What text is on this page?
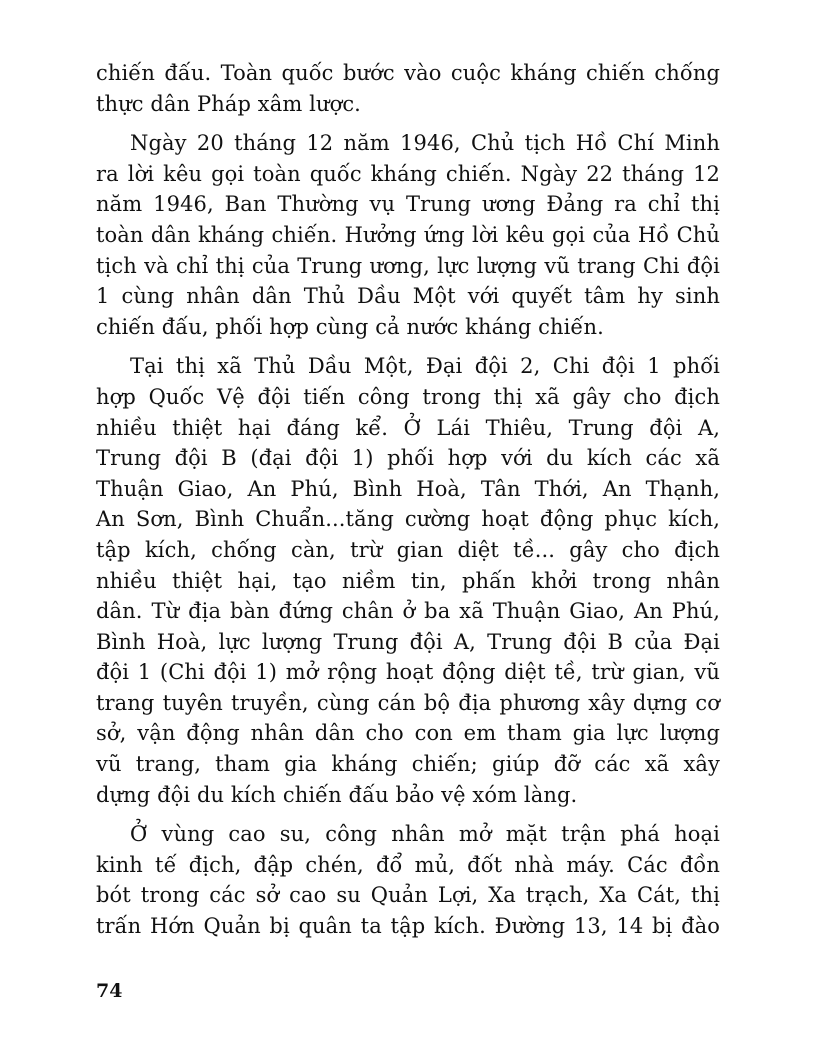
chiến đấu. Toàn quốc bước vào cuộc kháng chiến chống
thực dân Pháp xâm lược.
Ngày 20 tháng 12 năm 1946, Chủ tịch Hồ Chí Minh
ra lời kêu gọi toàn quốc kháng chiến. Ngày 22 tháng 12
năm 1946, Ban Thường vụ Trung ương Đảng ra chỉ thị
toàn dân kháng chiến. Hưởng ứng lời kêu gọi của Hồ Chủ
tịch và chỉ thị của Trung ương, lực lượng vũ trang Chi đội
1 cùng nhân dân Thủ Dầu Một với quyết tâm hy sinh
chiến đấu, phối hợp cùng cả nước kháng chiến.
Tại thị xã Thủ Dầu Một, Đại đội 2, Chi đội 1 phối
hợp Quốc Vệ đội tiến công trong thị xã gây cho địch
nhiều thiệt hại đáng kể. Ở Lái Thiêu, Trung đội A,
Trung đội B (đại đội 1) phối hợp với du kích các xã
Thuận Giao, An Phú, Bình Hoà, Tân Thới, An Thạnh,
An Sơn, Bình Chuẩn...tăng cường hoạt động phục kích,
tập kích, chống càn, trừ gian diệt tề... gây cho địch
nhiều thiệt hại, tạo niềm tin, phấn khởi trong nhân
dân. Từ địa bàn đứng chân ở ba xã Thuận Giao, An Phú,
Bình Hoà, lực lượng Trung đội A, Trung đội B của Đại
đội 1 (Chi đội 1) mở rộng hoạt động diệt tề, trừ gian, vũ
trang tuyên truyền, cùng cán bộ địa phương xây dựng cơ
sở, vận động nhân dân cho con em tham gia lực lượng
vũ trang, tham gia kháng chiến; giúp đỡ các xã xây
dựng đội du kích chiến đấu bảo vệ xóm làng.
Ở vùng cao su, công nhân mở mặt trận phá hoại
kinh tế địch, đập chén, đổ mủ, đốt nhà máy. Các đồn
bót trong các sở cao su Quản Lợi, Xa trạch, Xa Cát, thị
trấn Hớn Quản bị quân ta tập kích. Đường 13, 14 bị đào
74
